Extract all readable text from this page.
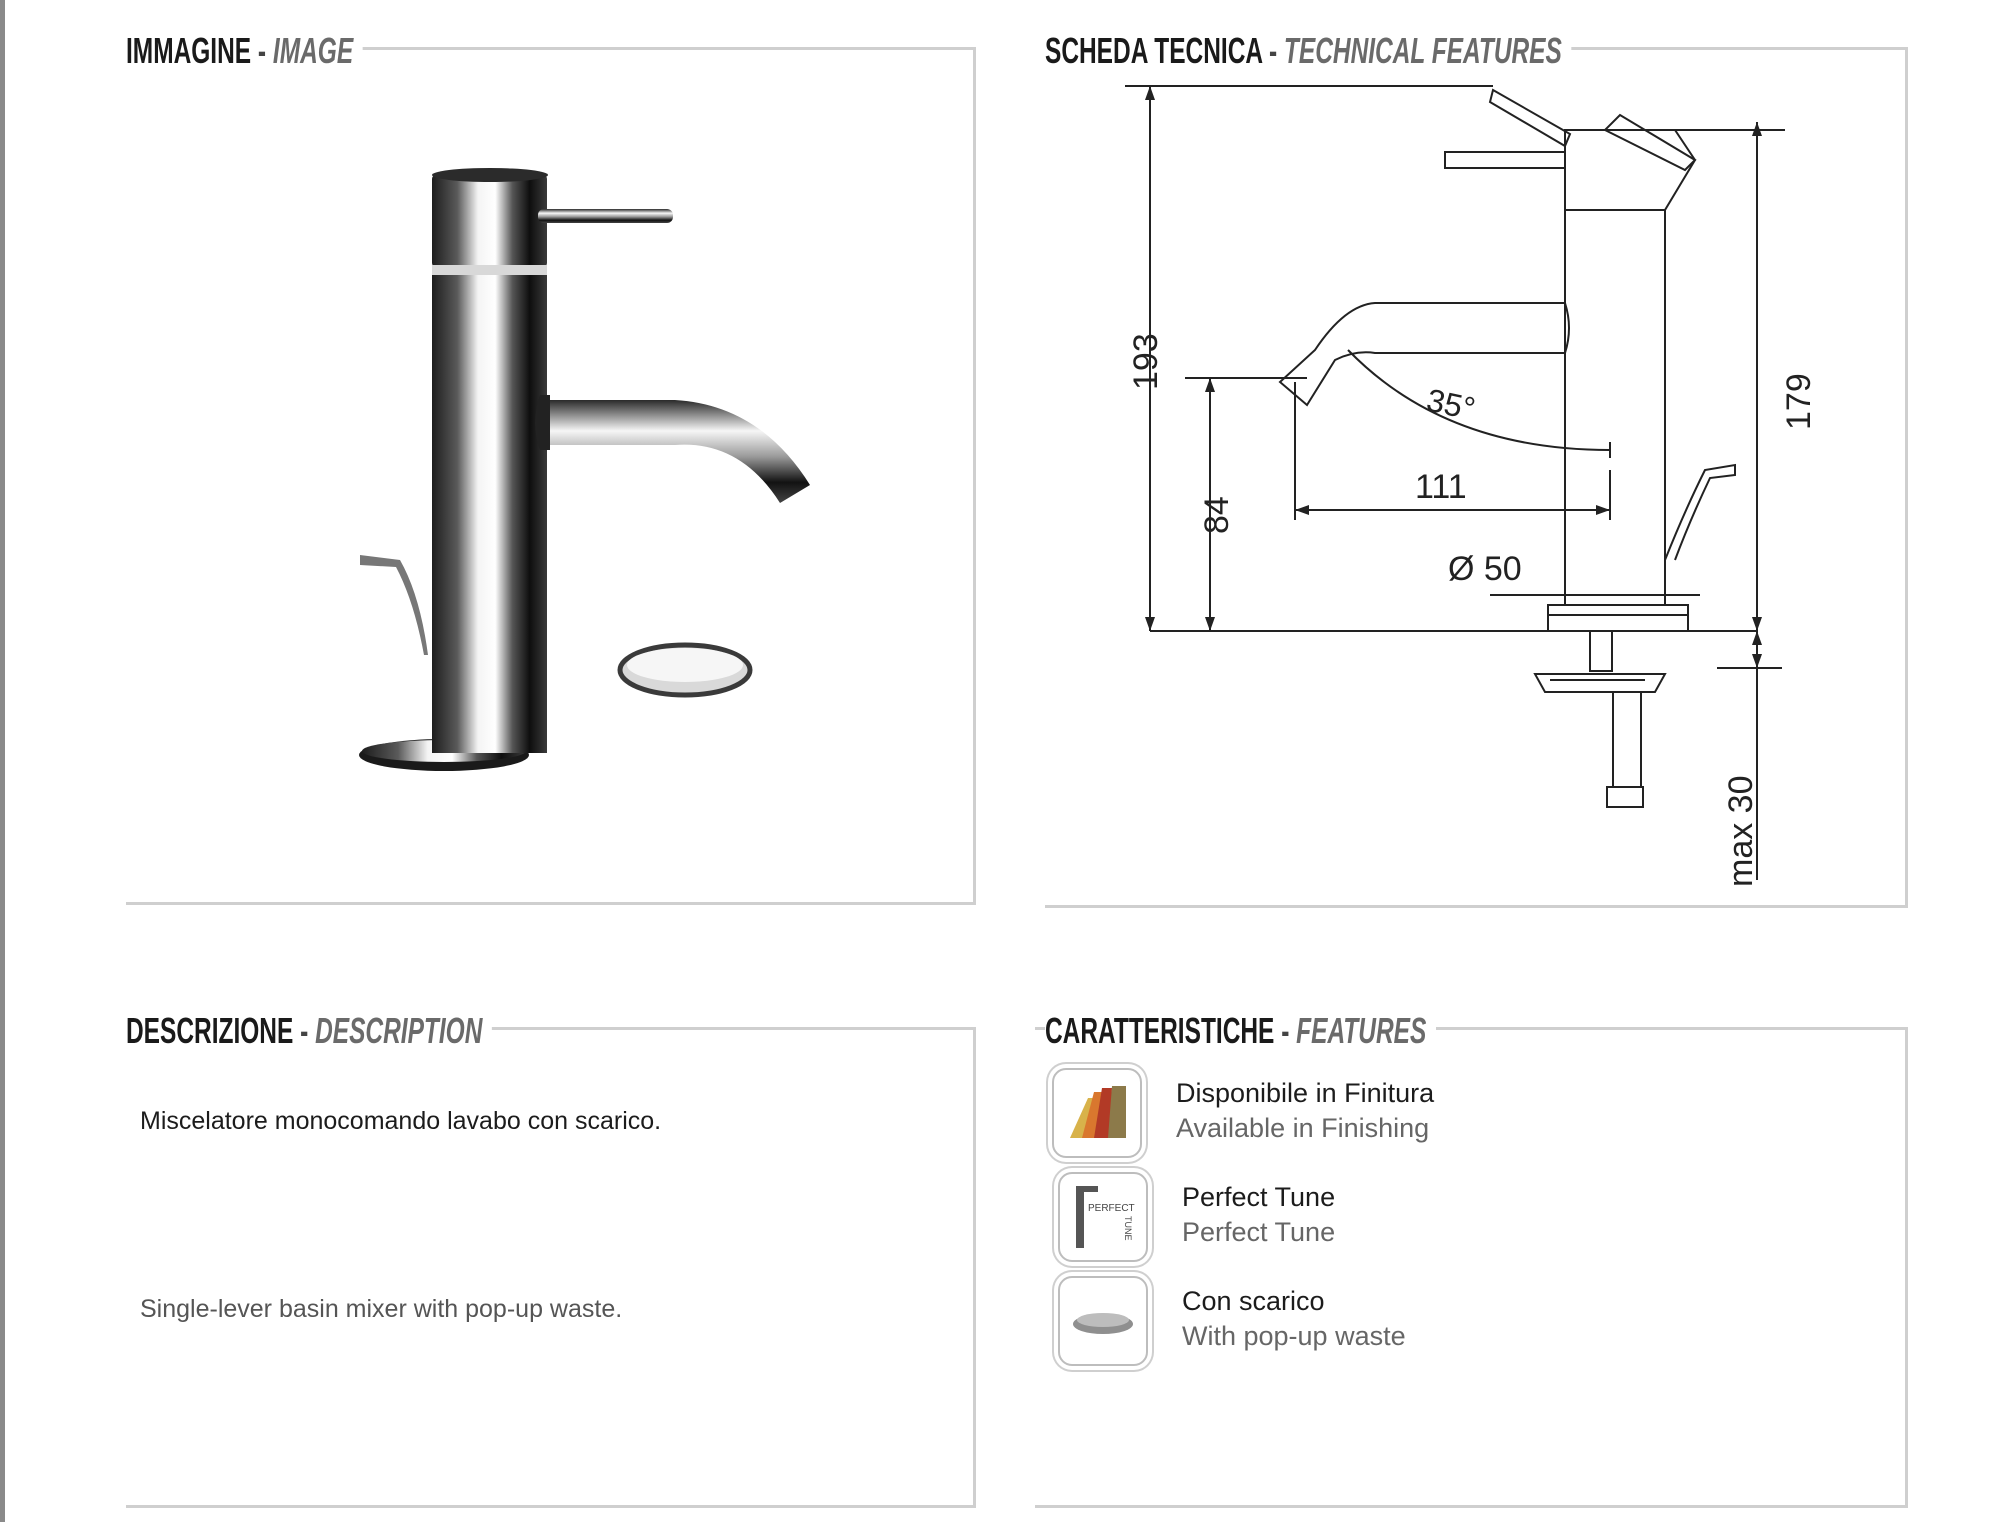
IMMAGINE - IMAGE	SCHEDA TECNICA - TECHNICAL FEATURES
193
84
35°
111
Ø 50
179
max 30
DESCRIZIONE - DESCRIPTION
Miscelatore monocomando lavabo con scarico.
Single-lever basin mixer with pop-up waste.
CARATTERISTICHE - FEATURES
Disponibile in Finitura
Available in Finishing
PERFECT
TUNE
Perfect Tune
Perfect Tune
Con scarico
With pop-up waste
